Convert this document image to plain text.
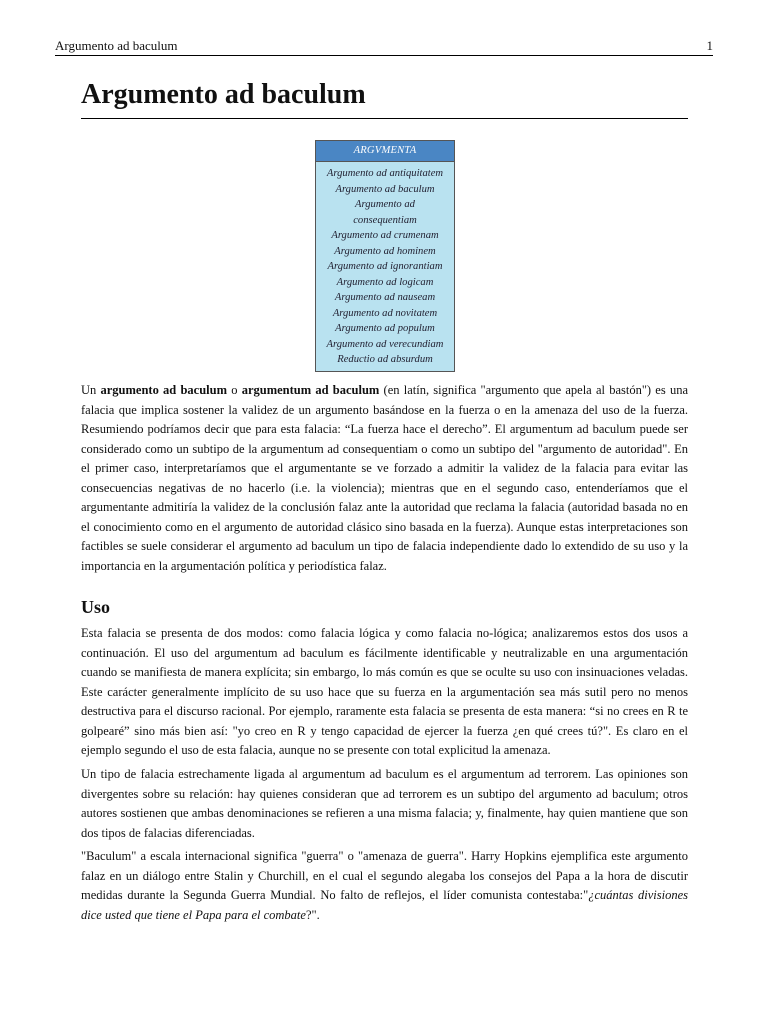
Argumento ad baculum	1
Argumento ad baculum
ARGVMENTA
Argumento ad antiquitatem
Argumento ad baculum
Argumento ad
consequentiam
Argumento ad crumenam
Argumento ad hominem
Argumento ad ignorantiam
Argumento ad logicam
Argumento ad nauseam
Argumento ad novitatem
Argumento ad populum
Argumento ad verecundiam
Reductio ad absurdum

Un argumento ad baculum o argumentum ad baculum (en latín, significa "argumento que apela al bastón") es una falacia que implica sostener la validez de un argumento basándose en la fuerza o en la amenaza del uso de la fuerza. Resumiendo podríamos decir que para esta falacia: “La fuerza hace el derecho”. El argumentum ad baculum puede ser considerado como un subtipo de la argumentum ad consequentiam o como un subtipo del "argumento de autoridad". En el primer caso, interpretaríamos que el argumentante se ve forzado a admitir la validez de la falacia para evitar las consecuencias negativas de no hacerlo (i.e. la violencia); mientras que en el segundo caso, entenderíamos que el argumentante admitiría la validez de la conclusión falaz ante la autoridad que reclama la falacia (autoridad basada no en el conocimiento como en el argumento de autoridad clásico sino basada en la fuerza). Aunque estas interpretaciones son factibles se suele considerar el argumento ad baculum un tipo de falacia independiente dado lo extendido de su uso y la importancia en la argumentación política y periodística falaz.

Uso

Esta falacia se presenta de dos modos: como falacia lógica y como falacia no-lógica; analizaremos estos dos usos a continuación. El uso del argumentum ad baculum es fácilmente identificable y neutralizable en una argumentación cuando se manifiesta de manera explícita; sin embargo, lo más común es que se oculte su uso con insinuaciones veladas. Este carácter generalmente implícito de su uso hace que su fuerza en la argumentación sea más sutil pero no menos destructiva para el discurso racional. Por ejemplo, raramente esta falacia se presenta de esta manera: “si no crees en R te golpearé” sino más bien así: "yo creo en R y tengo capacidad de ejercer la fuerza ¿en qué crees tú?". Es claro en el ejemplo segundo el uso de esta falacia, aunque no se presente con total explicitud la amenaza.

Un tipo de falacia estrechamente ligada al argumentum ad baculum es el argumentum ad terrorem. Las opiniones son divergentes sobre su relación: hay quienes consideran que ad terrorem es un subtipo del argumento ad baculum; otros autores sostienen que ambas denominaciones se refieren a una misma falacia; y, finalmente, hay quien mantiene que son dos tipos de falacias diferenciadas.

"Baculum" a escala internacional significa "guerra" o "amenaza de guerra". Harry Hopkins ejemplifica este argumento falaz en un diálogo entre Stalin y Churchill, en el cual el segundo alegaba los consejos del Papa a la hora de discutir medidas durante la Segunda Guerra Mundial. No falto de reflejos, el líder comunista contestaba:"¿cuántas divisiones dice usted que tiene el Papa para el combate?".
